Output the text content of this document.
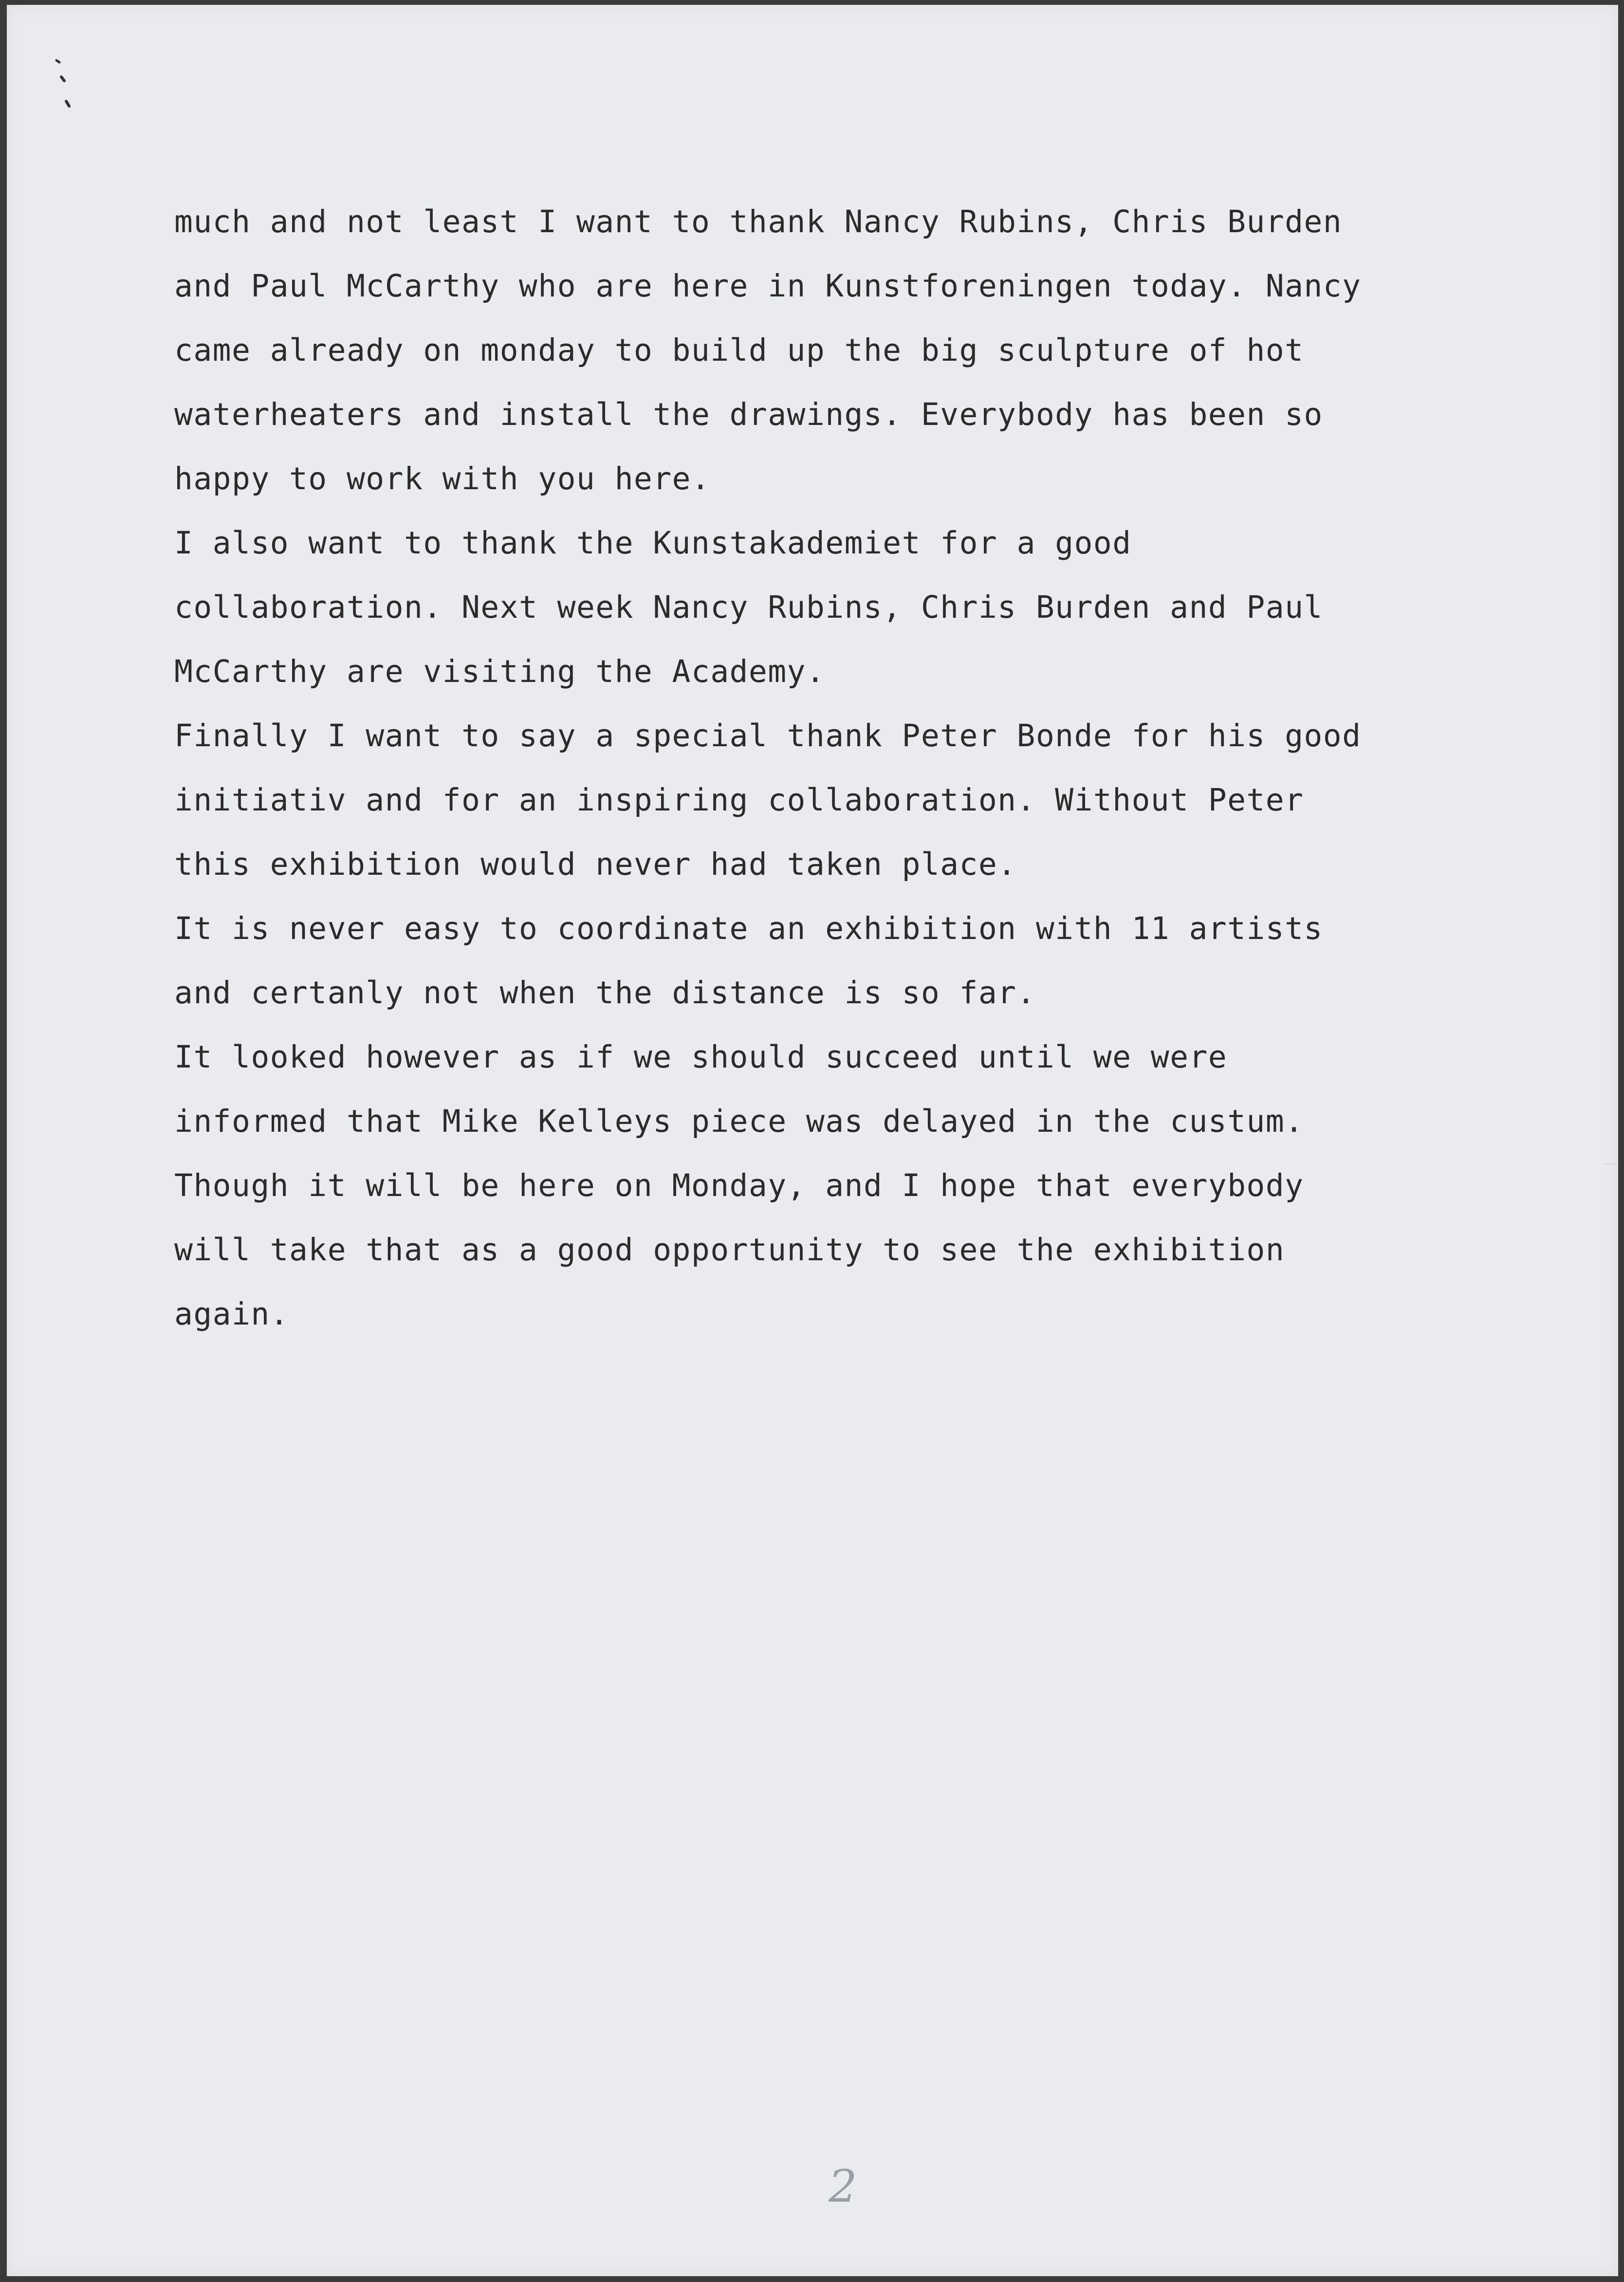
much and not least I want to thank Nancy Rubins, Chris Burden
and Paul McCarthy who are here in Kunstforeningen today. Nancy
came already on monday to build up the big sculpture of hot
waterheaters and install the drawings. Everybody has been so
happy to work with you here.
I also want to thank the Kunstakademiet for a good
collaboration. Next week Nancy Rubins, Chris Burden and Paul
McCarthy are visiting the Academy.
Finally I want to say a special thank Peter Bonde for his good
initiativ and for an inspiring collaboration. Without Peter
this exhibition would never had taken place.
It is never easy to coordinate an exhibition with 11 artists
and certanly not when the distance is so far.
It looked however as if we should succeed until we were
informed that Mike Kelleys piece was delayed in the custum.
Though it will be here on Monday, and I hope that everybody
will take that as a good opportunity to see the exhibition
again.
2
